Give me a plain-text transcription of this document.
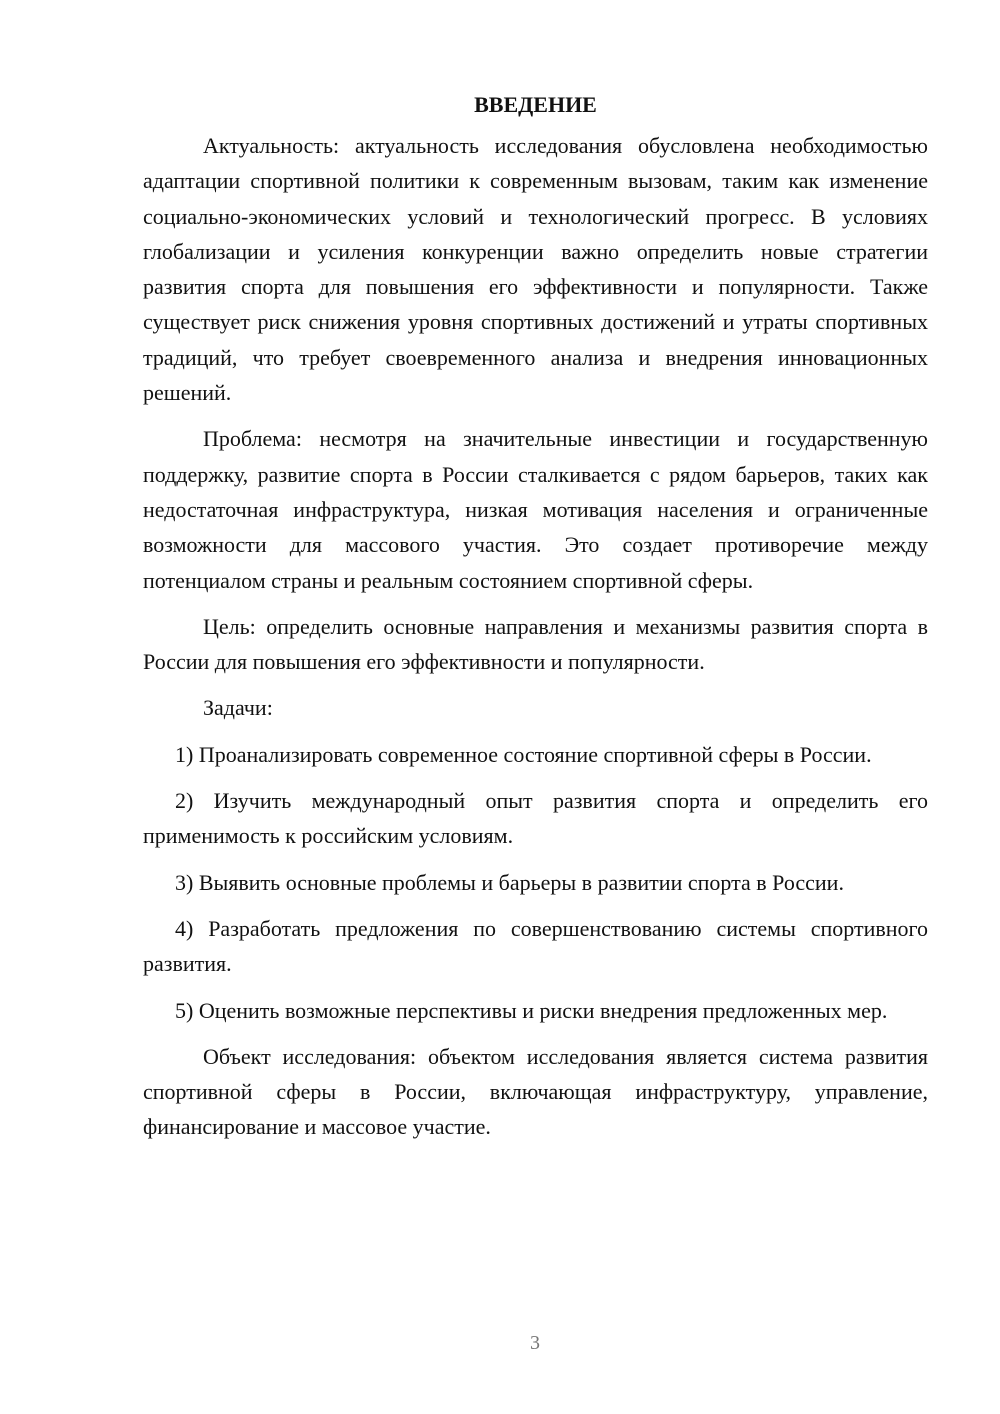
ВВЕДЕНИЕ

Актуальность: актуальность исследования обусловлена необходимостью адаптации спортивной политики к современным вызовам, таким как изменение социально-экономических условий и технологический прогресс. В условиях глобализации и усиления конкуренции важно определить новые стратегии развития спорта для повышения его эффективности и популярности. Также существует риск снижения уровня спортивных достижений и утраты спортивных традиций, что требует своевременного анализа и внедрения инновационных решений.

Проблема: несмотря на значительные инвестиции и государственную поддержку, развитие спорта в России сталкивается с рядом барьеров, таких как недостаточная инфраструктура, низкая мотивация населения и ограниченные возможности для массового участия. Это создает противоречие между потенциалом страны и реальным состоянием спортивной сферы.

Цель: определить основные направления и механизмы развития спорта в России для повышения его эффективности и популярности.

Задачи:

1) Проанализировать современное состояние спортивной сферы в России.

2) Изучить международный опыт развития спорта и определить его применимость к российским условиям.

3) Выявить основные проблемы и барьеры в развитии спорта в России.

4) Разработать предложения по совершенствованию системы спортивного развития.

5) Оценить возможные перспективы и риски внедрения предложенных мер.

Объект исследования: объектом исследования является система развития спортивной сферы в России, включающая инфраструктуру, управление, финансирование и массовое участие.

3
